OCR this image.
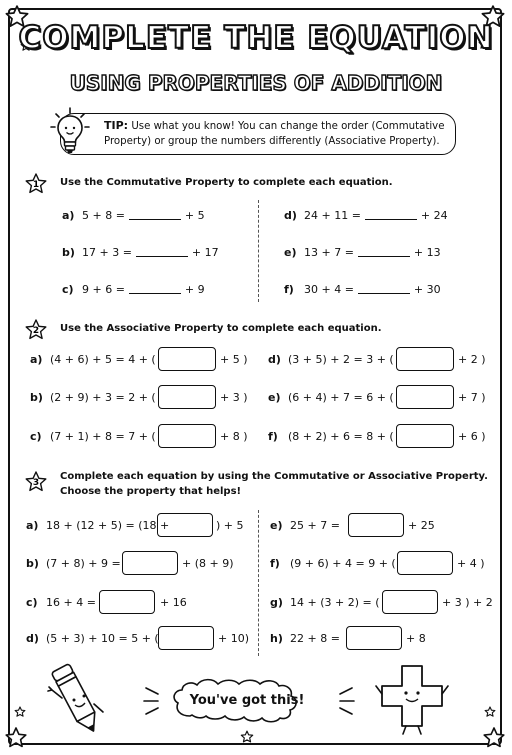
COMPLETE THE EQUATION
USING PROPERTIES OF ADDITION
TIP: Use what you know! You can change the order (Commutative Property) or group the numbers differently (Associative Property).
1 Use the Commutative Property to complete each equation.
a) 5 + 8 =	+ 5
b) 17 + 3 =	+ 17
c) 9 + 6 =	+ 9
d) 24 + 11 =	+ 24
e) 13 + 7 =	+ 13
f) 30 + 4 =	+ 30
2 Use the Associative Property to complete each equation.
a) (4 + 6) + 5 = 4 + (	+ 5 )
b) (2 + 9) + 3 = 2 + (	+ 3 )
c) (7 + 1) + 8 = 7 + (	+ 8 )
d) (3 + 5) + 2 = 3 + (	+ 2 )
e) (6 + 4) + 7 = 6 + (	+ 7 )
f) (8 + 2) + 6 = 8 + (	+ 6 )
3
Complete each equation by using the Commutative or Associative Property.
Choose the property that helps!
a) 18 + (12 + 5) = (18 +	) + 5
b) (7 + 8) + 9 =	+ (8 + 9)
c) 16 + 4 =	+ 16
d) (5 + 3) + 10 = 5 + (	+ 10)
e) 25 + 7 =	+ 25
f) (9 + 6) + 4 = 9 + (	+ 4 )
g) 14 + (3 + 2) = (	+ 3 ) + 2
h) 22 + 8 =	+ 8
You've got this!
